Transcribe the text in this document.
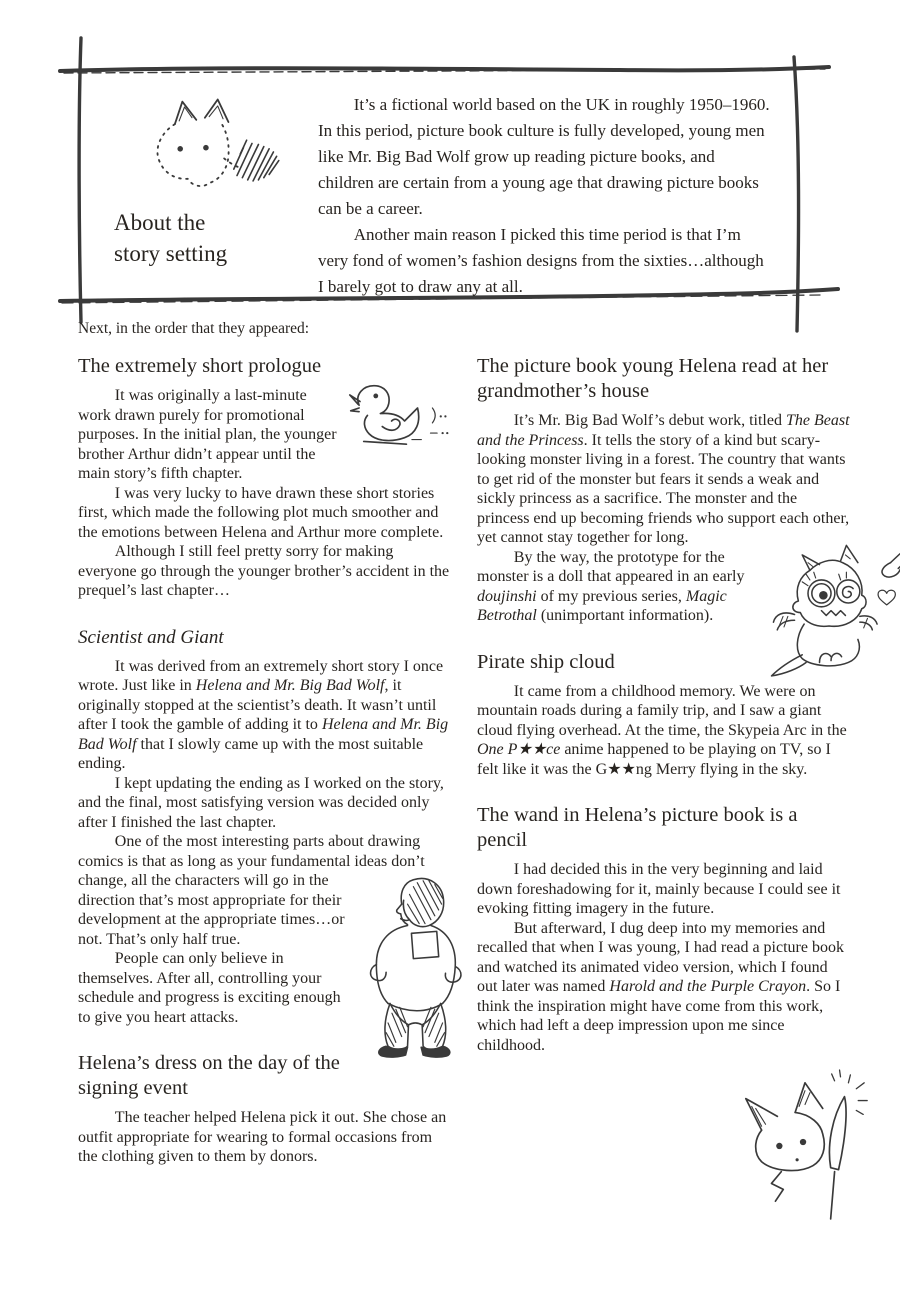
About the
story setting

It’s a fictional world based on the UK in roughly 1950–1960. In this period, picture book culture is fully developed, young men like Mr. Big Bad Wolf grow up reading picture books, and children are certain from a young age that drawing picture books can be a career.

Another main reason I picked this time period is that I’m very fond of women’s fashion designs from the sixties…although I barely got to draw any at all.

Next, in the order that they appeared:
The extremely short prologue

It was originally a last-minute work drawn purely for promotional purposes. In the initial plan, the younger brother Arthur didn’t appear until the main story’s fifth chapter.

I was very lucky to have drawn these short stories first, which made the following plot much smoother and the emotions between Helena and Arthur more complete.

Although I still feel pretty sorry for making everyone go through the younger brother’s accident in the prequel’s last chapter…

Scientist and Giant

It was derived from an extremely short story I once wrote. Just like in Helena and Mr. Big Bad Wolf, it originally stopped at the scientist’s death. It wasn’t until after I took the gamble of adding it to Helena and Mr. Big Bad Wolf that I slowly came up with the most suitable ending.

I kept updating the ending as I worked on the story, and the final, most satisfying version was decided only after I finished the last chapter.

One of the most interesting parts about drawing comics is that as long as your fundamental ideas don’t change, all the characters will go in the
direction that’s most appropriate for their development at the appropriate times…or not. That’s only half true.

People can only believe in themselves. After all, controlling your schedule and progress is exciting enough to give you heart attacks.

Helena’s dress on the day of the signing event

The teacher helped Helena pick it out. She chose an outfit appropriate for wearing to formal occasions from the clothing given to them by donors.

The picture book young Helena read at her grandmother’s house

It’s Mr. Big Bad Wolf’s debut work, titled The Beast and the Princess. It tells the story of a kind but scary-looking monster living in a forest. The country that wants to get rid of the monster but fears it sends a weak and sickly princess as a sacrifice. The monster and the princess end up becoming friends who support each other, yet cannot stay together for long.

By the way, the prototype for the monster is a doll that appeared in an early doujinshi of my previous series, Magic Betrothal (unimportant information).

Pirate ship cloud

It came from a childhood memory. We were on mountain roads during a family trip, and I saw a giant cloud flying overhead. At the time, the Skypeia Arc in the One P★★ce anime happened to be playing on TV, so I felt like it was the G★★ng Merry flying in the sky.

The wand in Helena’s picture book is a pencil

I had decided this in the very beginning and laid down foreshadowing for it, mainly because I could see it evoking fitting imagery in the future.

But afterward, I dug deep into my memories and recalled that when I was young, I had read a picture book and watched its animated video version, which I found out later was named Harold and the Purple Crayon. So I think the inspiration might have come from this work, which had left a deep impression upon me since childhood.
